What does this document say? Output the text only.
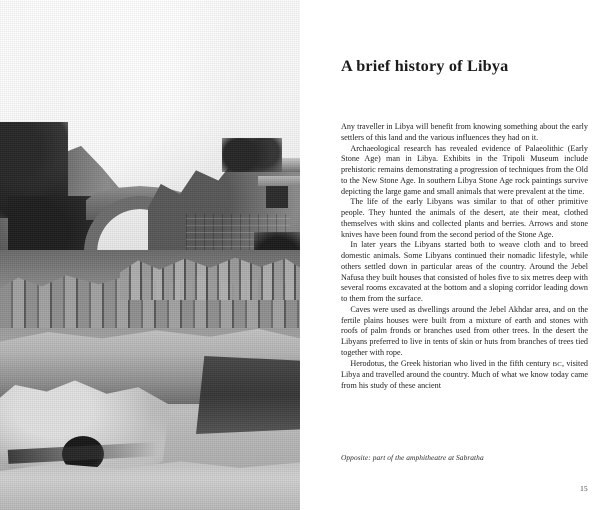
A brief history of Libya

Any traveller in Libya will benefit from knowing something about the early settlers of this land and the various influences they had on it.

Archaeological research has revealed evidence of Palaeolithic (Early Stone Age) man in Libya. Exhibits in the Tripoli Museum include prehistoric remains demonstrating a progression of techniques from the Old to the New Stone Age. In southern Libya Stone Age rock paintings survive depicting the large game and small animals that were prevalent at the time.

The life of the early Libyans was similar to that of other primitive people. They hunted the animals of the desert, ate their meat, clothed themselves with skins and collected plants and berries. Arrows and stone knives have been found from the second period of the Stone Age.

In later years the Libyans started both to weave cloth and to breed domestic animals. Some Libyans continued their nomadic lifestyle, while others settled down in particular areas of the country. Around the Jebel Nafusa they built houses that consisted of holes five to six metres deep with several rooms excavated at the bottom and a sloping corridor leading down to them from the surface.

Caves were used as dwellings around the Jebel Akhdar area, and on the fertile plains houses were built from a mixture of earth and stones with roofs of palm fronds or branches used from other trees. In the desert the Libyans preferred to live in tents of skin or huts from branches of trees tied together with rope.

Herodotus, the Greek historian who lived in the fifth century BC, visited Libya and travelled around the country. Much of what we know today came from his study of these ancient

Opposite: part of the amphitheatre at Sabratha
15
